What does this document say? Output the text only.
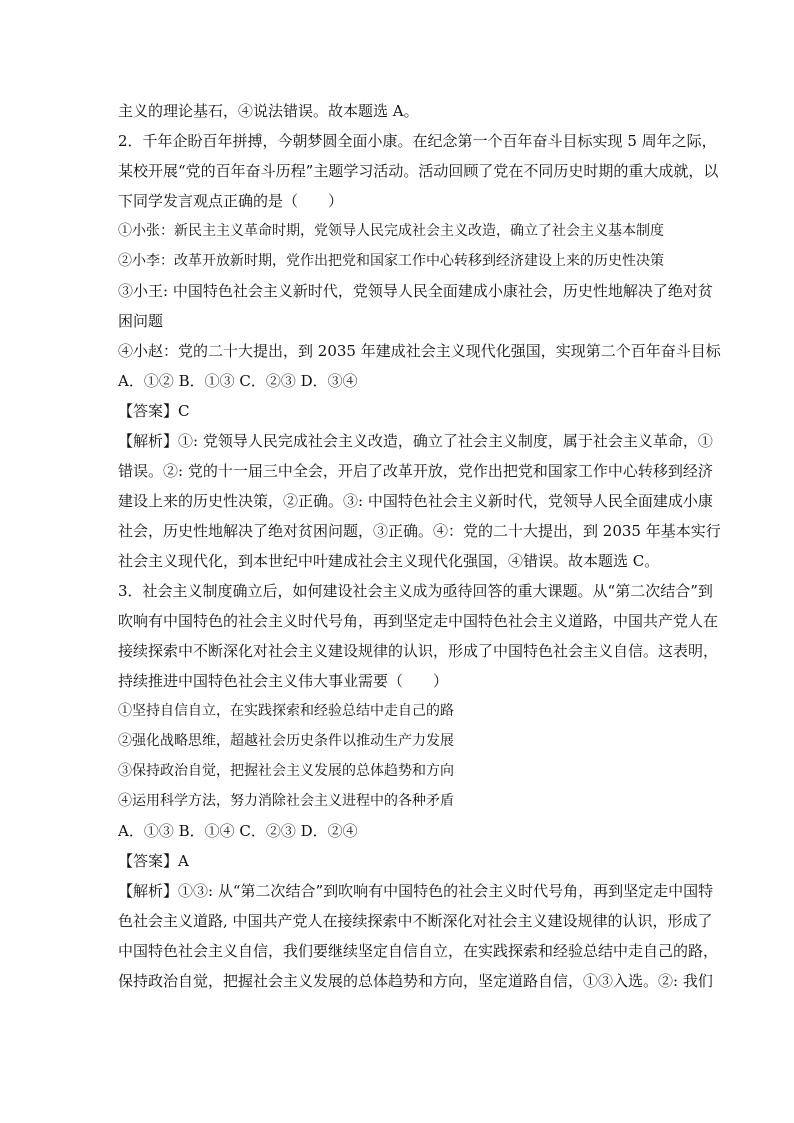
主义的理论基石，④说法错误。故本题选 A。
2．千年企盼百年拼搏，今朝梦圆全面小康。在纪念第一个百年奋斗目标实现 5 周年之际，
某校开展“党的百年奋斗历程”主题学习活动。活动回顾了党在不同历史时期的重大成就，以
下同学发言观点正确的是（　　）
①小张：新民主主义革命时期，党领导人民完成社会主义改造，确立了社会主义基本制度
②小李：改革开放新时期，党作出把党和国家工作中心转移到经济建设上来的历史性决策
③小王: 中国特色社会主义新时代，党领导人民全面建成小康社会，历史性地解决了绝对贫
困问题
④小赵：党的二十大提出，到 2035 年建成社会主义现代化强国，实现第二个百年奋斗目标
A．①② B．①③ C．②③ D．③④
【答案】C
【解析】①: 党领导人民完成社会主义改造，确立了社会主义制度，属于社会主义革命，①
错误。②: 党的十一届三中全会，开启了改革开放，党作出把党和国家工作中心转移到经济
建设上来的历史性决策，②正确。③: 中国特色社会主义新时代，党领导人民全面建成小康
社会，历史性地解决了绝对贫困问题，③正确。④：党的二十大提出，到 2035 年基本实行
社会主义现代化，到本世纪中叶建成社会主义现代化强国，④错误。故本题选 C。
3．社会主义制度确立后，如何建设社会主义成为亟待回答的重大课题。从“第二次结合”到
吹响有中国特色的社会主义时代号角，再到坚定走中国特色社会主义道路，中国共产党人在
接续探索中不断深化对社会主义建设规律的认识，形成了中国特色社会主义自信。这表明，
持续推进中国特色社会主义伟大事业需要（　　）
①坚持自信自立，在实践探索和经验总结中走自己的路
②强化战略思维，超越社会历史条件以推动生产力发展
③保持政治自觉，把握社会主义发展的总体趋势和方向
④运用科学方法，努力消除社会主义进程中的各种矛盾
A．①③ B．①④ C．②③ D．②④
【答案】A
【解析】①③: 从“第二次结合”到吹响有中国特色的社会主义时代号角，再到坚定走中国特
色社会主义道路, 中国共产党人在接续探索中不断深化对社会主义建设规律的认识，形成了
中国特色社会主义自信，我们要继续坚定自信自立，在实践探索和经验总结中走自己的路，
保持政治自觉，把握社会主义发展的总体趋势和方向，坚定道路自信，①③入选。②: 我们
